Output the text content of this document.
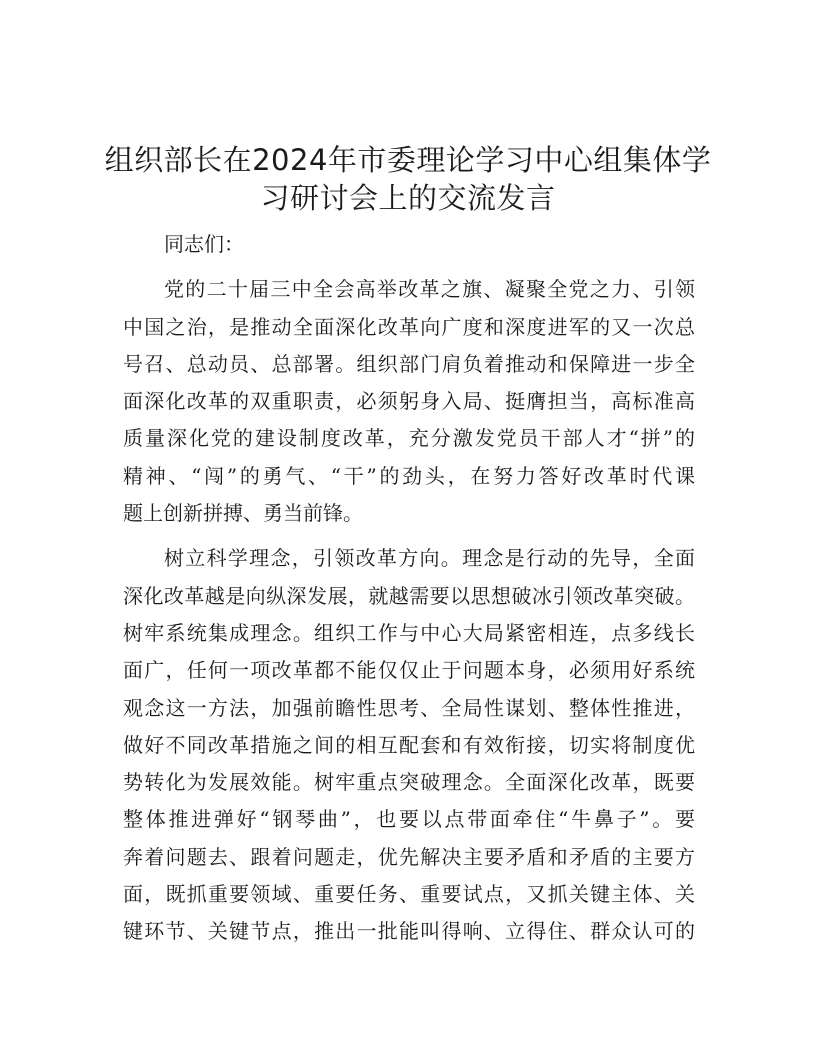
组织部长在2024年市委理论学习中心组集体学
习研讨会上的交流发言
同志们：
党的二十届三中全会高举改革之旗、凝聚全党之力、引领
中国之治，是推动全面深化改革向广度和深度进军的又一次总
号召、总动员、总部署。组织部门肩负着推动和保障进一步全
面深化改革的双重职责，必须躬身入局、挺膺担当，高标准高
质量深化党的建设制度改革，充分激发党员干部人才“拼”的
精神、“闯”的勇气、“干”的劲头，在努力答好改革时代课
题上创新拼搏、勇当前锋。
树立科学理念，引领改革方向。理念是行动的先导，全面
深化改革越是向纵深发展，就越需要以思想破冰引领改革突破。
树牢系统集成理念。组织工作与中心大局紧密相连，点多线长
面广，任何一项改革都不能仅仅止于问题本身，必须用好系统
观念这一方法，加强前瞻性思考、全局性谋划、整体性推进，
做好不同改革措施之间的相互配套和有效衔接，切实将制度优
势转化为发展效能。树牢重点突破理念。全面深化改革，既要
整体推进弹好“钢琴曲”，也要以点带面牵住“牛鼻子”。要
奔着问题去、跟着问题走，优先解决主要矛盾和矛盾的主要方
面，既抓重要领域、重要任务、重要试点，又抓关键主体、关
键环节、关键节点，推出一批能叫得响、立得住、群众认可的
